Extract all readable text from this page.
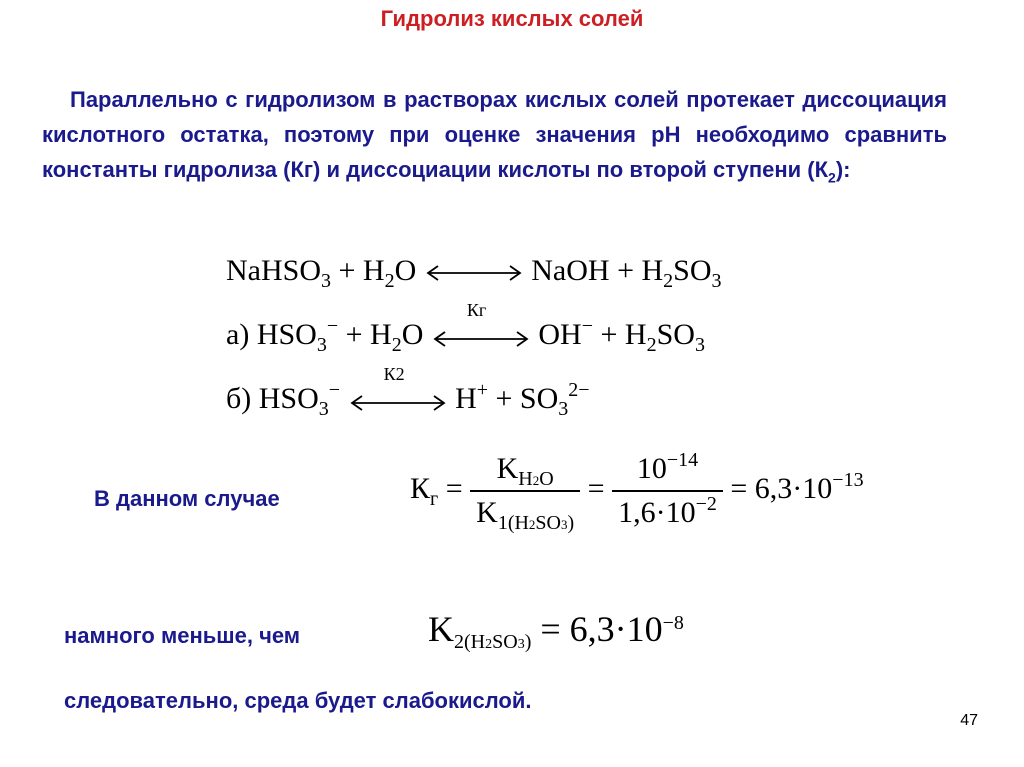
Гидролиз кислых солей
Параллельно с гидролизом в растворах кислых солей протекает диссоциация кислотного остатка, поэтому при оценке значения рН необходимо сравнить константы гидролиза (Кг) и диссоциации кислоты по второй ступени $(К_2)$:
NaHSO$_3$ + $H_2O$	NaOH + $H_2SO_3$
а) $HSO_3^- + H_2O$
Кг
$OH^- + H_2SO_3$
б) $HSO_3^-$
К2
$H^+ + SO_3^{2-}$
В данном случае	$К_г = \frac{K_{H2O}}{K_{1(H2SO3)}} = \frac{10^{-14}}{1,6\cdot 10^{-2}} = 6,3\cdot 10^{-13}$
намного меньше, чем	$K_{2(H2SO3)} = 6,3\cdot 10^{-8}$
следовательно, среда будет слабокислой.
47
